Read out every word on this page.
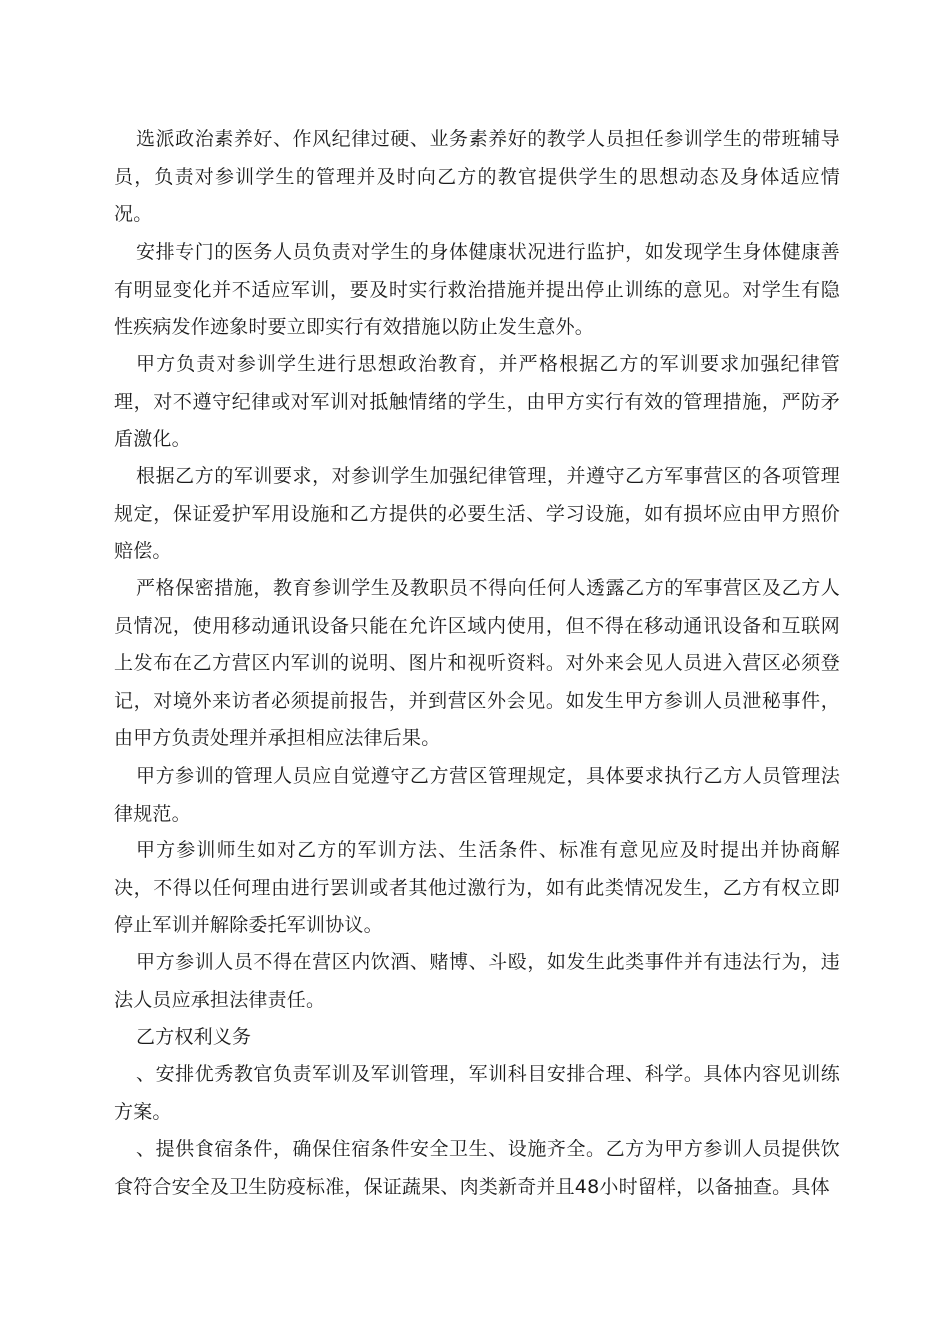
选派政治素养好、作风纪律过硬、业务素养好的教学人员担任参训学生的带班辅导员，负责对参训学生的管理并及时向乙方的教官提供学生的思想动态及身体适应情况。

安排专门的医务人员负责对学生的身体健康状况进行监护，如发现学生身体健康善有明显变化并不适应军训，要及时实行救治措施并提出停止训练的意见。对学生有隐性疾病发作迹象时要立即实行有效措施以防止发生意外。

甲方负责对参训学生进行思想政治教育，并严格根据乙方的军训要求加强纪律管理，对不遵守纪律或对军训对抵触情绪的学生，由甲方实行有效的管理措施，严防矛盾激化。

根据乙方的军训要求，对参训学生加强纪律管理，并遵守乙方军事营区的各项管理规定，保证爱护军用设施和乙方提供的必要生活、学习设施，如有损坏应由甲方照价赔偿。

严格保密措施，教育参训学生及教职员不得向任何人透露乙方的军事营区及乙方人员情况，使用移动通讯设备只能在允许区域内使用，但不得在移动通讯设备和互联网上发布在乙方营区内军训的说明、图片和视听资料。对外来会见人员进入营区必须登记，对境外来访者必须提前报告，并到营区外会见。如发生甲方参训人员泄秘事件，由甲方负责处理并承担相应法律后果。

甲方参训的管理人员应自觉遵守乙方营区管理规定，具体要求执行乙方人员管理法律规范。

甲方参训师生如对乙方的军训方法、生活条件、标准有意见应及时提出并协商解决，不得以任何理由进行罢训或者其他过激行为，如有此类情况发生，乙方有权立即停止军训并解除委托军训协议。

甲方参训人员不得在营区内饮酒、赌博、斗殴，如发生此类事件并有违法行为，违法人员应承担法律责任。

乙方权利义务

、安排优秀教官负责军训及军训管理，军训科目安排合理、科学。具体内容见训练方案。

、提供食宿条件，确保住宿条件安全卫生、设施齐全。乙方为甲方参训人员提供饮食符合安全及卫生防疫标准，保证蔬果、肉类新奇并且48小时留样，以备抽查。具体
